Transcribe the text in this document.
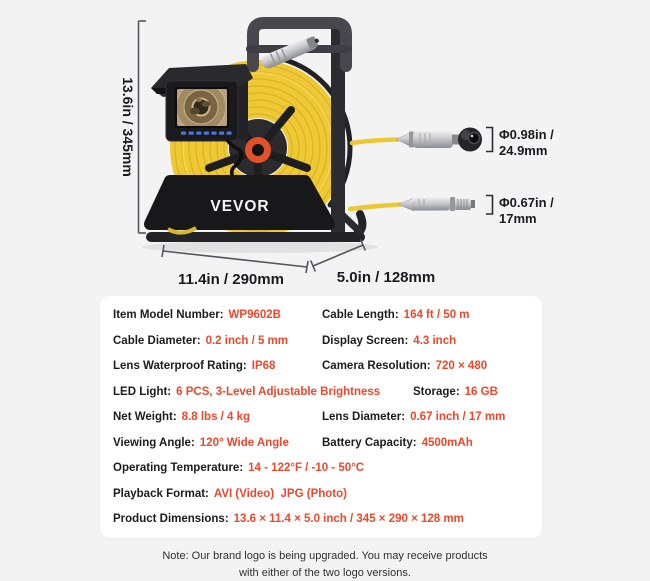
VEVOR
13.6in / 345mm
11.4in / 290mm	5.0in / 128mm
Φ0.98in /
24.9mm
Φ0.67in /
17mm
Item Model Number: WP9602B	Cable Length: 164 ft / 50 m
Cable Diameter: 0.2 inch / 5 mm	Display Screen: 4.3 inch
Lens Waterproof Rating: IP68	Camera Resolution: 720 × 480
LED Light: 6 PCS, 3-Level Adjustable Brightness	Storage: 16 GB
Net Weight: 8.8 lbs / 4 kg	Lens Diameter: 0.67 inch / 17 mm
Viewing Angle: 120° Wide Angle	Battery Capacity: 4500mAh
Operating Temperature: 14 - 122°F / -10 - 50°C
Playback Format: AVI (Video)  JPG (Photo)
Product Dimensions: 13.6 × 11.4 × 5.0 inch / 345 × 290 × 128 mm
Note: Our brand logo is being upgraded. You may receive products
with either of the two logo versions.
